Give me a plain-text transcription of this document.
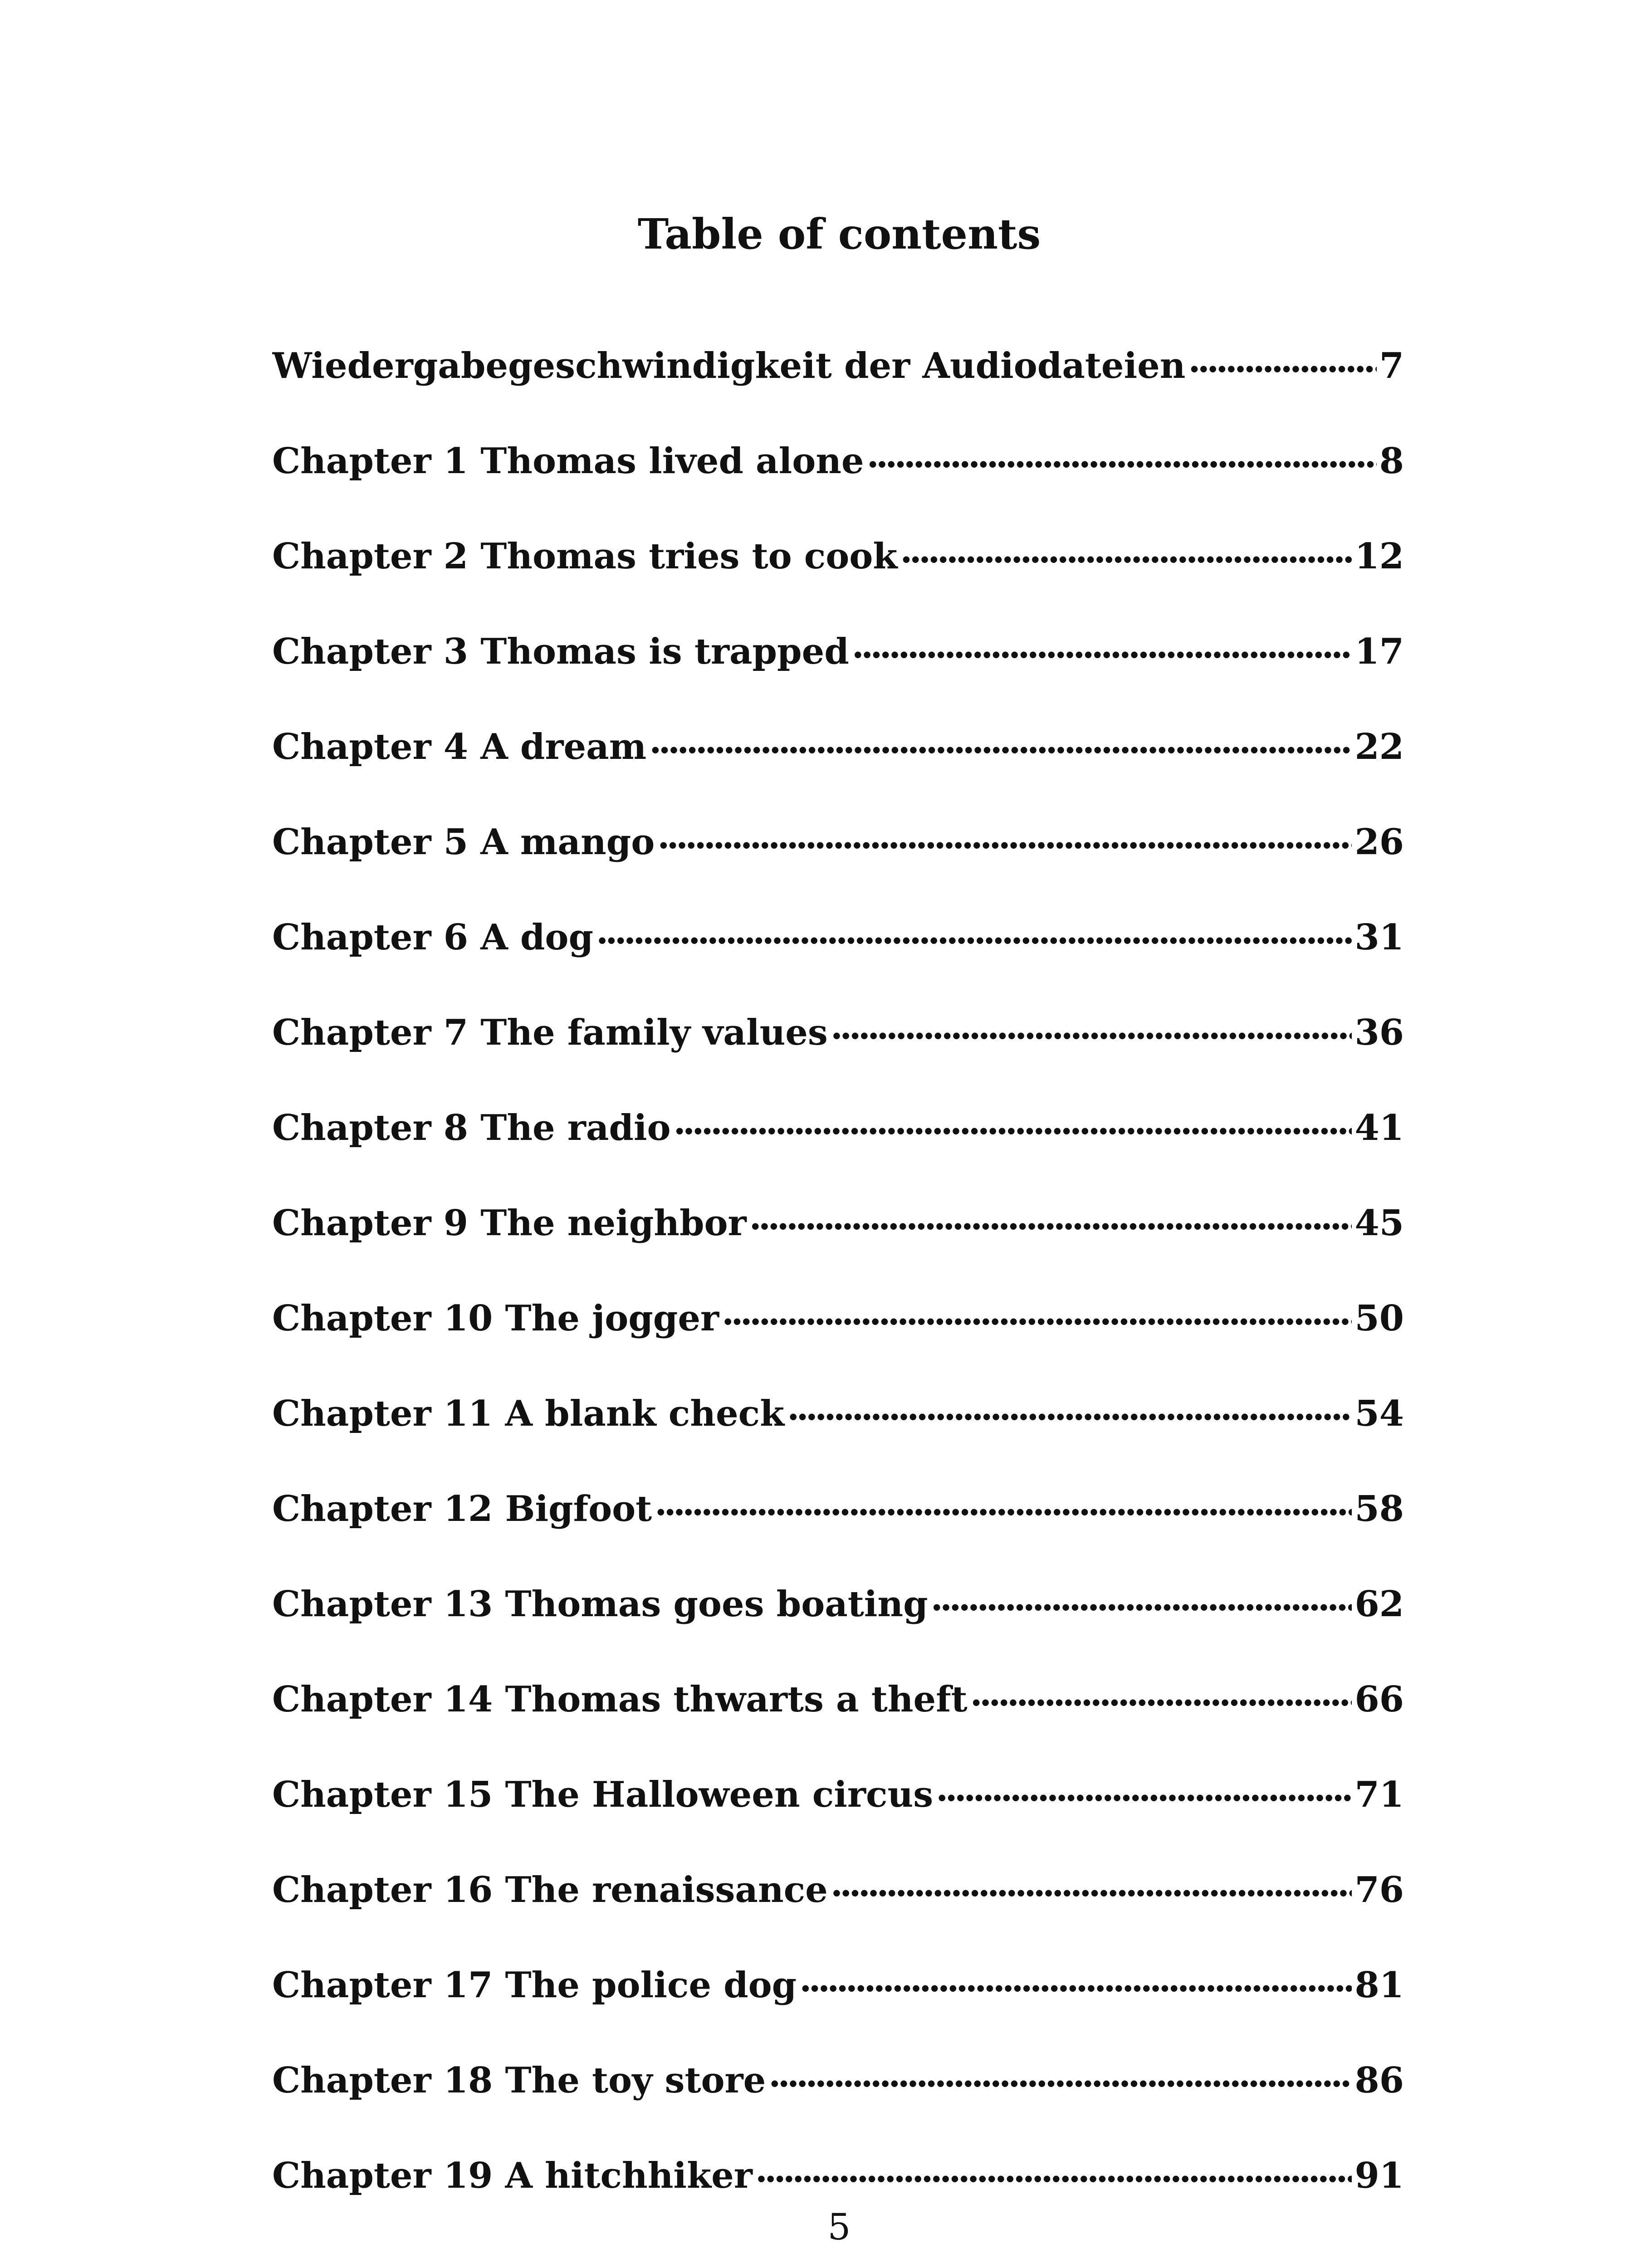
Table of contents
Wiedergabegeschwindigkeit der Audiodateien . . .	7
Chapter 1 Thomas lived alone . . .	8
Chapter 2 Thomas tries to cook . . .	12
Chapter 3 Thomas is trapped . . .	17
Chapter 4 A dream . . .	22
Chapter 5 A mango . . .	26
Chapter 6 A dog . . .	31
Chapter 7 The family values . . .	36
Chapter 8 The radio . . .	41
Chapter 9 The neighbor . . .	45
Chapter 10 The jogger . . .	50
Chapter 11 A blank check . . .	54
Chapter 12 Bigfoot . . .	58
Chapter 13 Thomas goes boating . . .	62
Chapter 14 Thomas thwarts a theft . . .	66
Chapter 15 The Halloween circus . . .	71
Chapter 16 The renaissance . . .	76
Chapter 17 The police dog . . .	81
Chapter 18 The toy store . . .	86
Chapter 19 A hitchhiker . . .	91
5
